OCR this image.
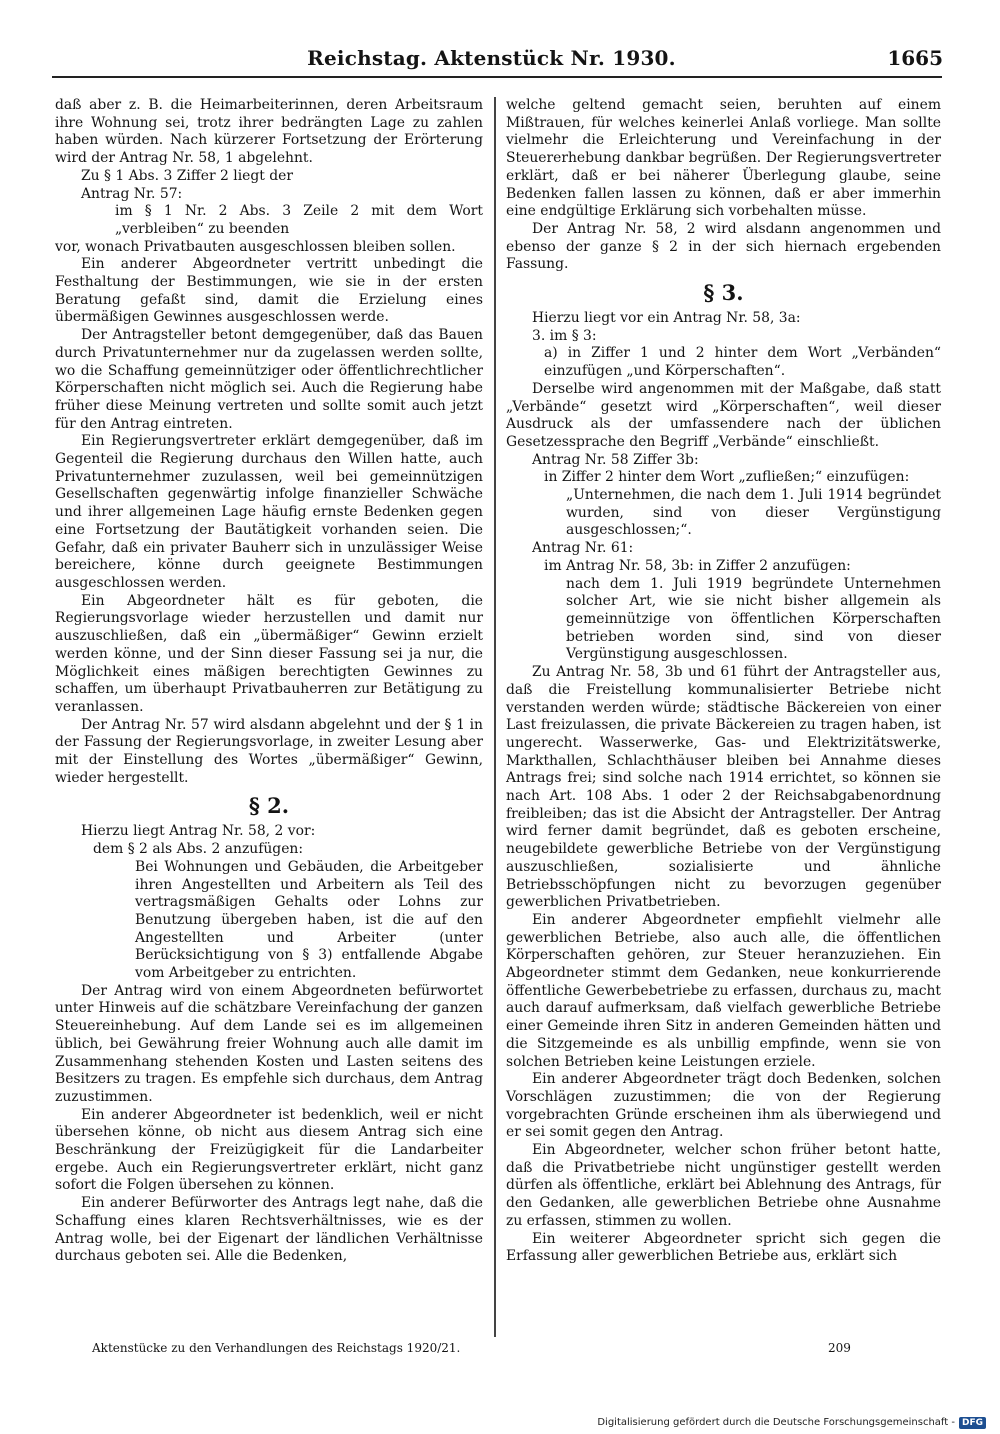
Reichstag. Aktenstück Nr. 1930.	1665

daß aber z. B. die Heimarbeiterinnen, deren Arbeitsraum ihre Wohnung sei, trotz ihrer bedrängten Lage zu zahlen haben würden. Nach kürzerer Fortsetzung der Erörterung wird der Antrag Nr. 58, 1 abgelehnt.

Zu § 1 Abs. 3 Ziffer 2 liegt der

Antrag Nr. 57:

im § 1 Nr. 2 Abs. 3 Zeile 2 mit dem Wort „verbleiben“ zu beenden

vor, wonach Privatbauten ausgeschlossen bleiben sollen.

Ein anderer Abgeordneter vertritt unbedingt die Festhaltung der Bestimmungen, wie sie in der ersten Beratung gefaßt sind, damit die Erzielung eines übermäßigen Gewinnes ausgeschlossen werde.

Der Antragsteller betont demgegenüber, daß das Bauen durch Privatunternehmer nur da zugelassen werden sollte, wo die Schaffung gemeinnütziger oder öffentlichrechtlicher Körperschaften nicht möglich sei. Auch die Regierung habe früher diese Meinung vertreten und sollte somit auch jetzt für den Antrag eintreten.

Ein Regierungsvertreter erklärt demgegenüber, daß im Gegenteil die Regierung durchaus den Willen hatte, auch Privatunternehmer zuzulassen, weil bei gemeinnützigen Gesellschaften gegenwärtig infolge finanzieller Schwäche und ihrer allgemeinen Lage häufig ernste Bedenken gegen eine Fortsetzung der Bautätigkeit vorhanden seien. Die Gefahr, daß ein privater Bauherr sich in unzulässiger Weise bereichere, könne durch geeignete Bestimmungen ausgeschlossen werden.

Ein Abgeordneter hält es für geboten, die Regierungsvorlage wieder herzustellen und damit nur auszuschließen, daß ein „übermäßiger“ Gewinn erzielt werden könne, und der Sinn dieser Fassung sei ja nur, die Möglichkeit eines mäßigen berechtigten Gewinnes zu schaffen, um überhaupt Privatbauherren zur Betätigung zu veranlassen.

Der Antrag Nr. 57 wird alsdann abgelehnt und der § 1 in der Fassung der Regierungsvorlage, in zweiter Lesung aber mit der Einstellung des Wortes „übermäßiger“ Gewinn, wieder hergestellt.

§ 2.

Hierzu liegt Antrag Nr. 58, 2 vor:

dem § 2 als Abs. 2 anzufügen:

Bei Wohnungen und Gebäuden, die Arbeitgeber ihren Angestellten und Arbeitern als Teil des vertragsmäßigen Gehalts oder Lohns zur Benutzung übergeben haben, ist die auf den Angestellten und Arbeiter (unter Berücksichtigung von § 3) entfallende Abgabe vom Arbeitgeber zu entrichten.

Der Antrag wird von einem Abgeordneten befürwortet unter Hinweis auf die schätzbare Vereinfachung der ganzen Steuereinhebung. Auf dem Lande sei es im allgemeinen üblich, bei Gewährung freier Wohnung auch alle damit im Zusammenhang stehenden Kosten und Lasten seitens des Besitzers zu tragen. Es empfehle sich durchaus, dem Antrag zuzustimmen.

Ein anderer Abgeordneter ist bedenklich, weil er nicht übersehen könne, ob nicht aus diesem Antrag sich eine Beschränkung der Freizügigkeit für die Landarbeiter ergebe. Auch ein Regierungsvertreter erklärt, nicht ganz sofort die Folgen übersehen zu können.

Ein anderer Befürworter des Antrags legt nahe, daß die Schaffung eines klaren Rechtsverhältnisses, wie es der Antrag wolle, bei der Eigenart der ländlichen Verhältnisse durchaus geboten sei. Alle die Bedenken,

welche geltend gemacht seien, beruhten auf einem Mißtrauen, für welches keinerlei Anlaß vorliege. Man sollte vielmehr die Erleichterung und Vereinfachung in der Steuererhebung dankbar begrüßen. Der Regierungsvertreter erklärt, daß er bei näherer Überlegung glaube, seine Bedenken fallen lassen zu können, daß er aber immerhin eine endgültige Erklärung sich vorbehalten müsse.

Der Antrag Nr. 58, 2 wird alsdann angenommen und ebenso der ganze § 2 in der sich hiernach ergebenden Fassung.

§ 3.

Hierzu liegt vor ein Antrag Nr. 58, 3a:

3. im § 3:

a) in Ziffer 1 und 2 hinter dem Wort „Verbänden“ einzufügen „und Körperschaften“.

Derselbe wird angenommen mit der Maßgabe, daß statt „Verbände“ gesetzt wird „Körperschaften“, weil dieser Ausdruck als der umfassendere nach der üblichen Gesetzessprache den Begriff „Verbände“ einschließt.

Antrag Nr. 58 Ziffer 3b:

in Ziffer 2 hinter dem Wort „zufließen;“ einzufügen:

„Unternehmen, die nach dem 1. Juli 1914 begründet wurden, sind von dieser Vergünstigung ausgeschlossen;“.

Antrag Nr. 61:

im Antrag Nr. 58, 3b: in Ziffer 2 anzufügen:

nach dem 1. Juli 1919 begründete Unternehmen solcher Art, wie sie nicht bisher allgemein als gemeinnützige von öffentlichen Körperschaften betrieben worden sind, sind von dieser Vergünstigung ausgeschlossen.

Zu Antrag Nr. 58, 3b und 61 führt der Antragsteller aus, daß die Freistellung kommunalisierter Betriebe nicht verstanden werden würde; städtische Bäckereien von einer Last freizulassen, die private Bäckereien zu tragen haben, ist ungerecht. Wasserwerke, Gas- und Elektrizitätswerke, Markthallen, Schlachthäuser bleiben bei Annahme dieses Antrags frei; sind solche nach 1914 errichtet, so können sie nach Art. 108 Abs. 1 oder 2 der Reichsabgabenordnung freibleiben; das ist die Absicht der Antragsteller. Der Antrag wird ferner damit begründet, daß es geboten erscheine, neugebildete gewerbliche Betriebe von der Vergünstigung auszuschließen, sozialisierte und ähnliche Betriebsschöpfungen nicht zu bevorzugen gegenüber gewerblichen Privatbetrieben.

Ein anderer Abgeordneter empfiehlt vielmehr alle gewerblichen Betriebe, also auch alle, die öffentlichen Körperschaften gehören, zur Steuer heranzuziehen. Ein Abgeordneter stimmt dem Gedanken, neue konkurrierende öffentliche Gewerbebetriebe zu erfassen, durchaus zu, macht auch darauf aufmerksam, daß vielfach gewerbliche Betriebe einer Gemeinde ihren Sitz in anderen Gemeinden hätten und die Sitzgemeinde es als unbillig empfinde, wenn sie von solchen Betrieben keine Leistungen erziele.

Ein anderer Abgeordneter trägt doch Bedenken, solchen Vorschlägen zuzustimmen; die von der Regierung vorgebrachten Gründe erscheinen ihm als überwiegend und er sei somit gegen den Antrag.

Ein Abgeordneter, welcher schon früher betont hatte, daß die Privatbetriebe nicht ungünstiger gestellt werden dürfen als öffentliche, erklärt bei Ablehnung des Antrags, für den Gedanken, alle gewerblichen Betriebe ohne Ausnahme zu erfassen, stimmen zu wollen.

Ein weiterer Abgeordneter spricht sich gegen die Erfassung aller gewerblichen Betriebe aus, erklärt sich

Aktenstücke zu den Verhandlungen des Reichstags 1920/21.	209
Digitalisierung gefördert durch die Deutsche Forschungsgemeinschaft - DFG
